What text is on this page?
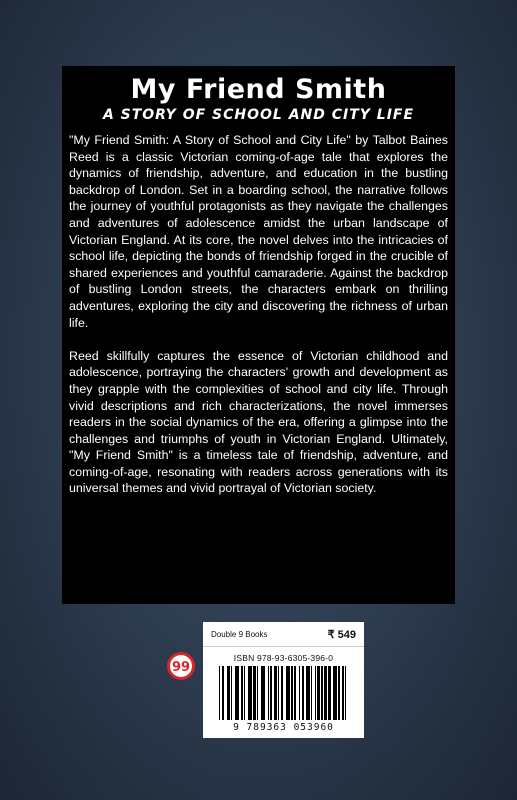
My Friend Smith
A STORY OF SCHOOL AND CITY LIFE

"My Friend Smith: A Story of School and City Life" by Talbot Baines Reed is a classic Victorian coming-of-age tale that explores the dynamics of friendship, adventure, and education in the bustling backdrop of London. Set in a boarding school, the narrative follows the journey of youthful protagonists as they navigate the challenges and adventures of adolescence amidst the urban landscape of Victorian England. At its core, the novel delves into the intricacies of school life, depicting the bonds of friendship forged in the crucible of shared experiences and youthful camaraderie. Against the backdrop of bustling London streets, the characters embark on thrilling adventures, exploring the city and discovering the richness of urban life.

Reed skillfully captures the essence of Victorian childhood and adolescence, portraying the characters' growth and development as they grapple with the complexities of school and city life. Through vivid descriptions and rich characterizations, the novel immerses readers in the social dynamics of the era, offering a glimpse into the challenges and triumphs of youth in Victorian England. Ultimately, "My Friend Smith" is a timeless tale of friendship, adventure, and coming-of-age, resonating with readers across generations with its universal themes and vivid portrayal of Victorian society.

99
Double 9 Books	₹ 549
ISBN 978-93-6305-396-0
9 789363 053960
